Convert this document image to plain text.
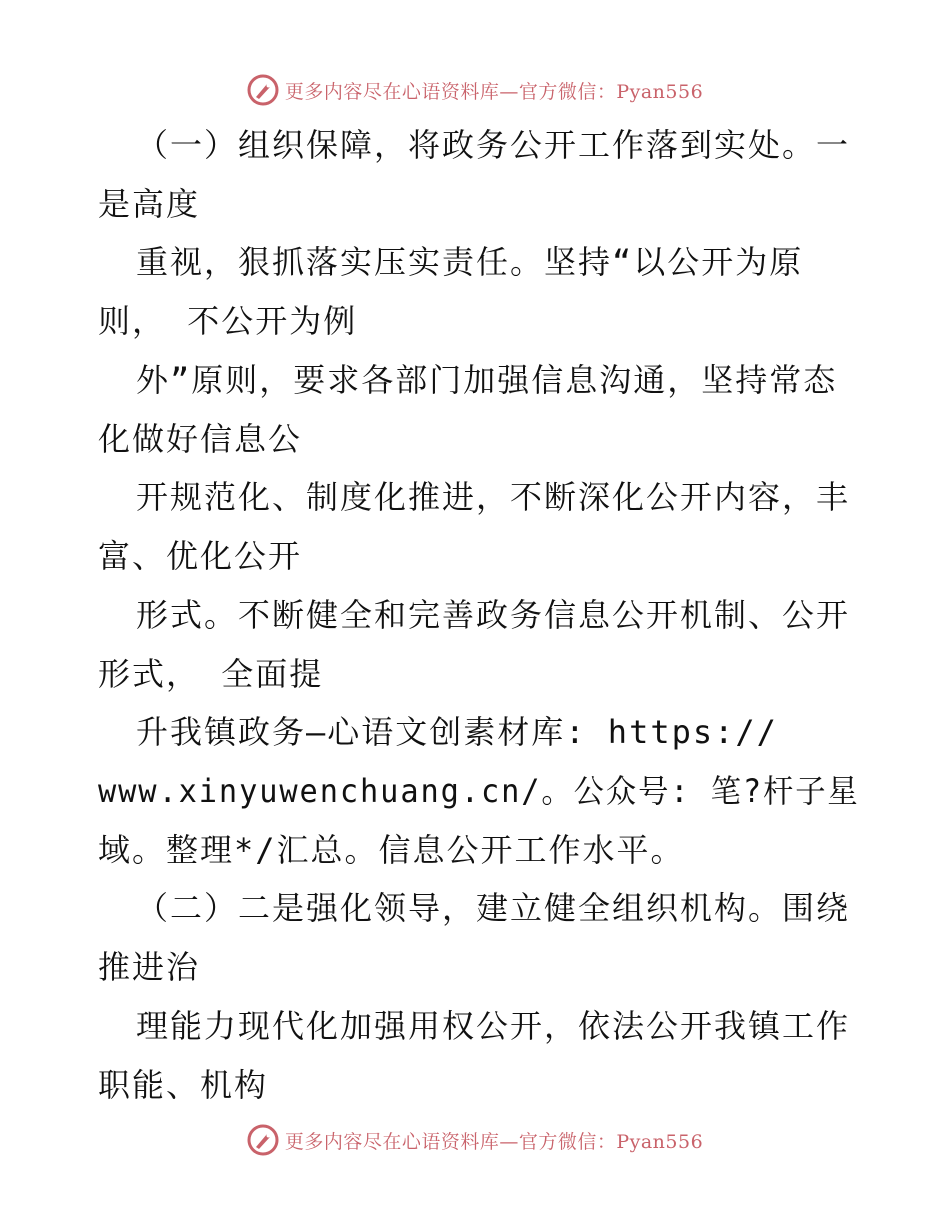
更多内容尽在心语资料库—官方微信：Pyan556
（一）组织保障，将政务公开工作落到实处。一
是高度
重视，狠抓落实压实责任。坚持“以公开为原
则， 不公开为例
外”原则，要求各部门加强信息沟通，坚持常态
化做好信息公
开规范化、制度化推进，不断深化公开内容，丰
富、优化公开
形式。不断健全和完善政务信息公开机制、公开
形式， 全面提
升我镇政务—心语文创素材库: https://
www.xinyuwenchuang.cn/。公众号: 笔?杆子星
域。整理*/汇总。信息公开工作水平。
（二）二是强化领导，建立健全组织机构。围绕
推进治
理能力现代化加强用权公开，依法公开我镇工作
职能、机构
更多内容尽在心语资料库—官方微信：Pyan556
